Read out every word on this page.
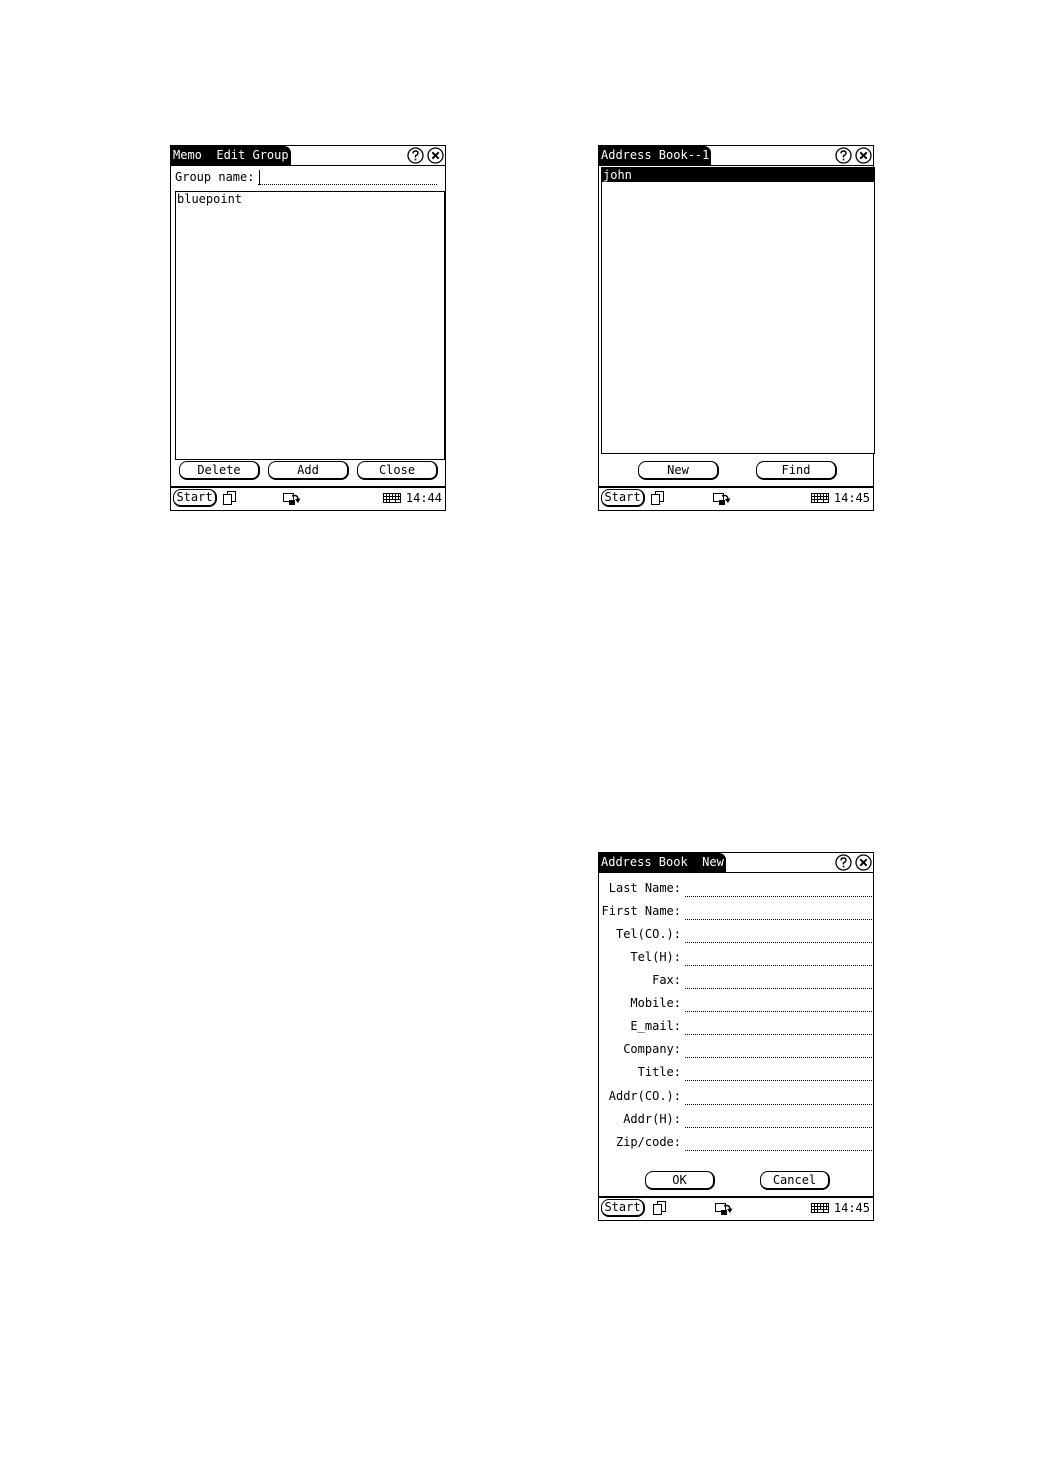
Memo  Edit Group
Group name:
bluepoint
Delete	Add	Close
Start	14:44
Address Book--1
john
New	Find
Start	14:45
Address Book  New
Last Name:
First Name:
Tel(CO.):
Tel(H):
Fax:
Mobile:
E_mail:
Company:
Title:
Addr(CO.):
Addr(H):
Zip/code:
OK	Cancel
Start	14:45
